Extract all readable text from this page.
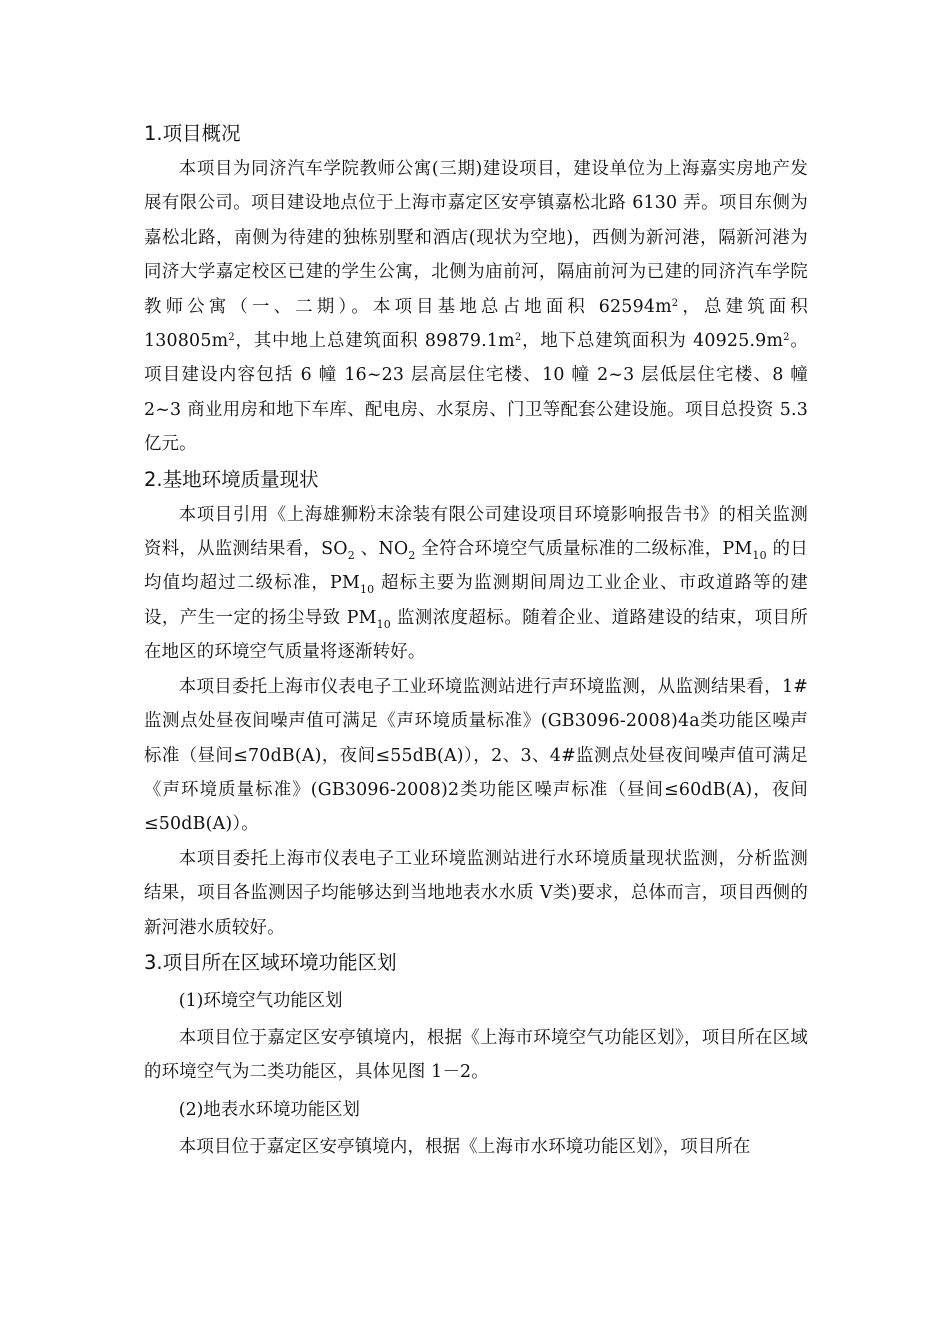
1.项目概况

本项目为同济汽车学院教师公寓(三期)建设项目，建设单位为上海嘉实房地产发展有限公司。项目建设地点位于上海市嘉定区安亭镇嘉松北路 6130 弄。项目东侧为嘉松北路，南侧为待建的独栋别墅和酒店(现状为空地)，西侧为新河港，隔新河港为同济大学嘉定校区已建的学生公寓，北侧为庙前河，隔庙前河为已建的同济汽车学院教师公寓（一、二期）。本项目基地总占地面积 $62594m^2$，总建筑面积 $130805m^2$，其中地上总建筑面积 $89879.1m^2$，地下总建筑面积为 $40925.9m^2$。项目建设内容包括 6 幢 16~23 层高层住宅楼、10 幢 2~3 层低层住宅楼、8 幢 2~3 商业用房和地下车库、配电房、水泵房、门卫等配套公建设施。项目总投资 5.3 亿元。

2.基地环境质量现状

本项目引用《上海雄狮粉末涂装有限公司建设项目环境影响报告书》的相关监测资料，从监测结果看，$SO_2$ 、$NO_2$ 全符合环境空气质量标准的二级标准，$PM_{10}$ 的日均值均超过二级标准，$PM_{10}$ 超标主要为监测期间周边工业企业、市政道路等的建设，产生一定的扬尘导致 $PM_{10}$ 监测浓度超标。随着企业、道路建设的结束，项目所在地区的环境空气质量将逐渐转好。

本项目委托上海市仪表电子工业环境监测站进行声环境监测，从监测结果看，1#监测点处昼夜间噪声值可满足《声环境质量标准》(GB3096-2008)4a类功能区噪声标准（昼间≤70dB(A)，夜间≤55dB(A)），2、3、4#监测点处昼夜间噪声值可满足《声环境质量标准》(GB3096-2008)2类功能区噪声标准（昼间≤60dB(A)，夜间≤50dB(A)）。

本项目委托上海市仪表电子工业环境监测站进行水环境质量现状监测，分析监测结果，项目各监测因子均能够达到当地地表水水质 Ⅴ类)要求，总体而言，项目西侧的新河港水质较好。

3.项目所在区域环境功能区划

(1)环境空气功能区划

本项目位于嘉定区安亭镇境内，根据《上海市环境空气功能区划》，项目所在区域的环境空气为二类功能区，具体见图 1－2。

(2)地表水环境功能区划

本项目位于嘉定区安亭镇境内，根据《上海市水环境功能区划》，项目所在
